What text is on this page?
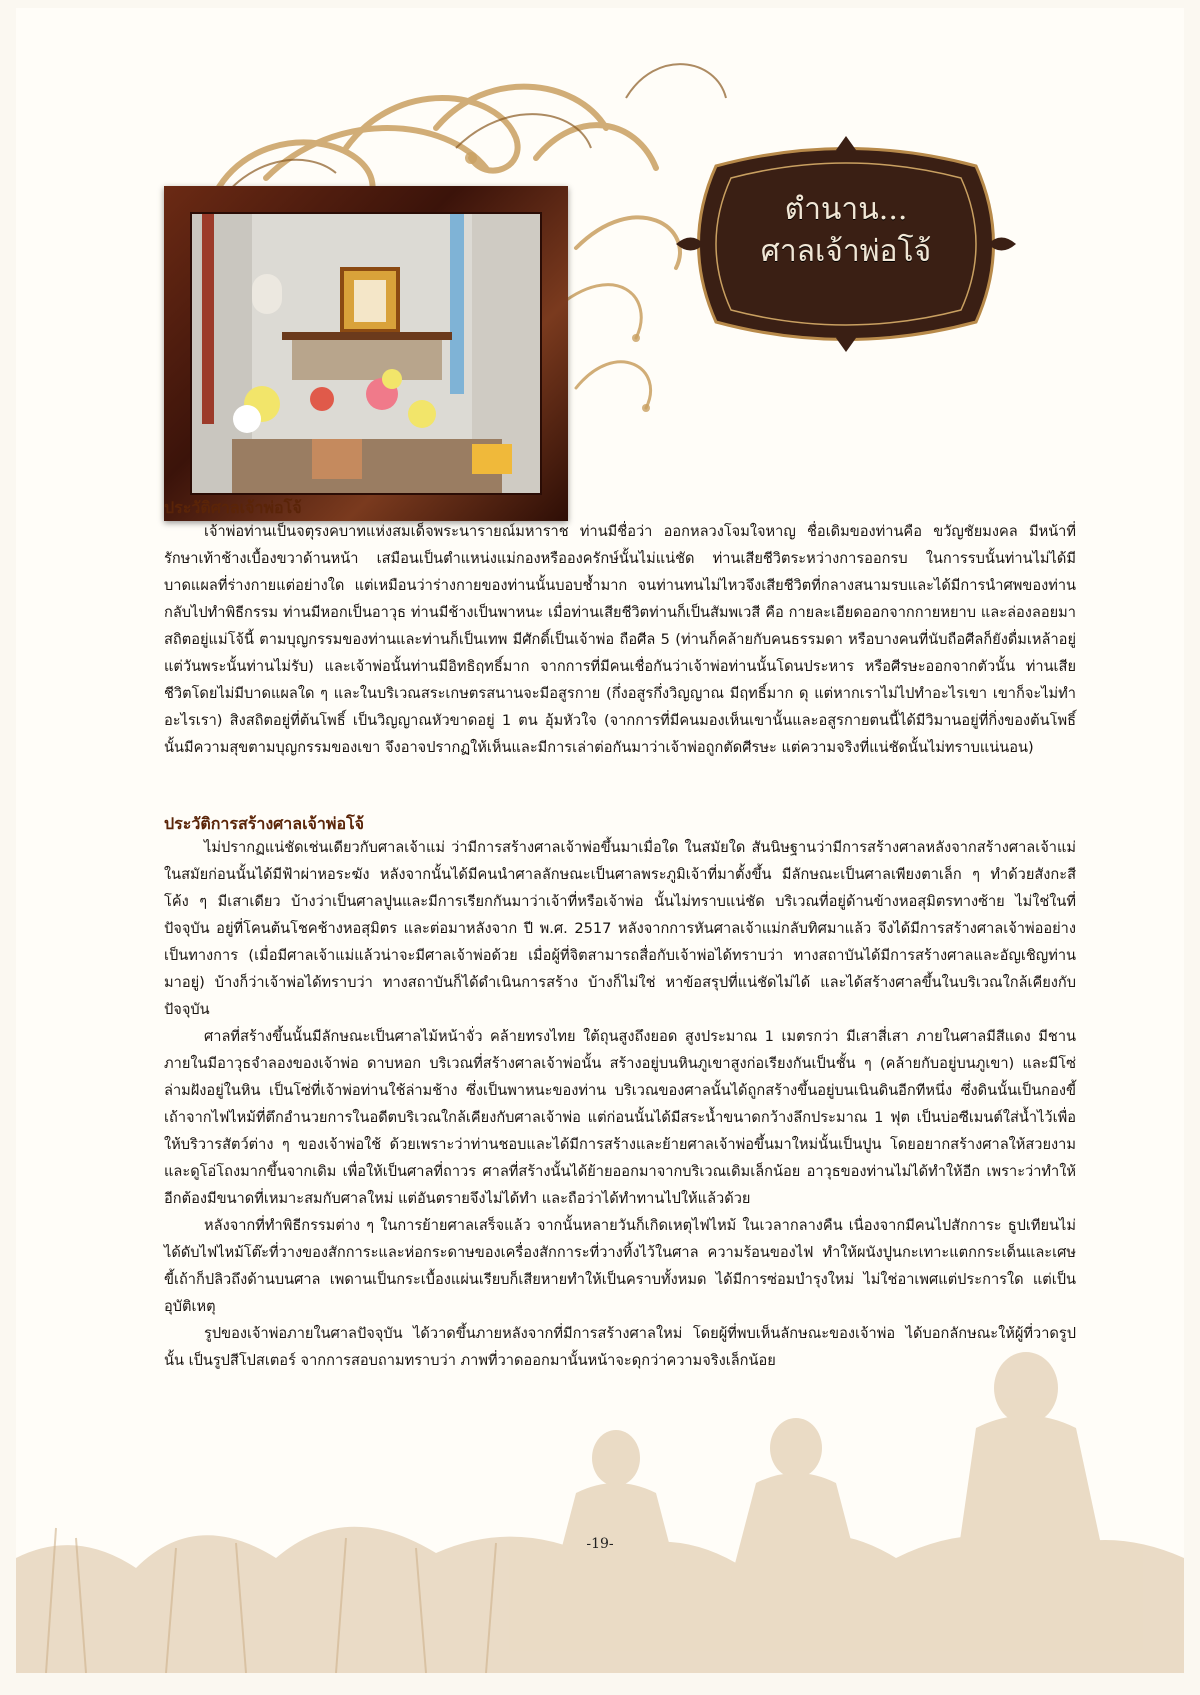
ตำนาน...
ศาลเจ้าพ่อโจ้
ประวัติศาลเจ้าพ่อโจ้

เจ้าพ่อท่านเป็นจตุรงคบาทแห่งสมเด็จพระนารายณ์มหาราช ท่านมีชื่อว่า ออกหลวงโจมใจหาญ ชื่อเดิมของท่านคือ ขวัญชัยมงคล มีหน้าที่รักษาเท้าช้างเบื้องขวาด้านหน้า เสมือนเป็นตำแหน่งแม่กองหรือองครักษ์นั้นไม่แน่ชัด ท่านเสียชีวิตระหว่างการออกรบ ในการรบนั้นท่านไม่ได้มีบาดแผลที่ร่างกายแต่อย่างใด แต่เหมือนว่าร่างกายของท่านนั้นบอบช้ำมาก จนท่านทนไม่ไหวจึงเสียชีวิตที่กลางสนามรบและได้มีการนำศพของท่านกลับไปทำพิธีกรรม ท่านมีหอกเป็นอาวุธ ท่านมีช้างเป็นพาหนะ เมื่อท่านเสียชีวิตท่านก็เป็นสัมพเวสี คือ กายละเอียดออกจากกายหยาบ และล่องลอยมาสถิตอยู่แม่โจ้นี้ ตามบุญกรรมของท่านและท่านก็เป็นเทพ มีศักดิ์เป็นเจ้าพ่อ ถือศีล 5 (ท่านก็คล้ายกับคนธรรมดา หรือบางคนที่นับถือศีลก็ยังดื่มเหล้าอยู่ แต่วันพระนั้นท่านไม่รับ) และเจ้าพ่อนั้นท่านมีอิทธิฤทธิ์มาก จากการที่มีคนเชื่อกันว่าเจ้าพ่อท่านนั้นโดนประหาร หรือศีรษะออกจากตัวนั้น ท่านเสียชีวิตโดยไม่มีบาดแผลใด ๆ และในบริเวณสระเกษตรสนานจะมีอสูรกาย (กึ่งอสูรกึ่งวิญญาณ มีฤทธิ์มาก ดุ แต่หากเราไม่ไปทำอะไรเขา เขาก็จะไม่ทำอะไรเรา) สิงสถิตอยู่ที่ต้นโพธิ์ เป็นวิญญาณหัวขาดอยู่ 1 ตน อุ้มหัวใจ (จากการที่มีคนมองเห็นเขานั้นและอสูรกายตนนี้ได้มีวิมานอยู่ที่กิ่งของต้นโพธิ์นั้นมีความสุขตามบุญกรรมของเขา จึงอาจปรากฏให้เห็นและมีการเล่าต่อกันมาว่าเจ้าพ่อถูกตัดศีรษะ แต่ความจริงที่แน่ชัดนั้นไม่ทราบแน่นอน)

ประวัติการสร้างศาลเจ้าพ่อโจ้

ไม่ปรากฏแน่ชัดเช่นเดียวกับศาลเจ้าแม่ ว่ามีการสร้างศาลเจ้าพ่อขึ้นมาเมื่อใด ในสมัยใด สันนิษฐานว่ามีการสร้างศาลหลังจากสร้างศาลเจ้าแม่ ในสมัยก่อนนั้นได้มีฟ้าผ่าหอระฆัง หลังจากนั้นได้มีคนนำศาลลักษณะเป็นศาลพระภูมิเจ้าที่มาตั้งขึ้น มีลักษณะเป็นศาลเพียงตาเล็ก ๆ ทำด้วยสังกะสีโค้ง ๆ มีเสาเดียว บ้างว่าเป็นศาลปูนและมีการเรียกกันมาว่าเจ้าที่หรือเจ้าพ่อ นั้นไม่ทราบแน่ชัด บริเวณที่อยู่ด้านข้างหอสุมิตรทางซ้าย ไม่ใช่ในที่ปัจจุบัน อยู่ที่โคนต้นโชคช้างหอสุมิตร และต่อมาหลังจาก ปี พ.ศ. 2517 หลังจากการหันศาลเจ้าแม่กลับทิศมาแล้ว จึงได้มีการสร้างศาลเจ้าพ่ออย่างเป็นทางการ (เมื่อมีศาลเจ้าแม่แล้วน่าจะมีศาลเจ้าพ่อด้วย เมื่อผู้ที่จิตสามารถสื่อกับเจ้าพ่อได้ทราบว่า ทางสถาบันได้มีการสร้างศาลและอัญเชิญท่านมาอยู่) บ้างก็ว่าเจ้าพ่อได้ทราบว่า ทางสถาบันก็ได้ดำเนินการสร้าง บ้างก็ไม่ใช่ หาข้อสรุปที่แน่ชัดไม่ได้ และได้สร้างศาลขึ้นในบริเวณใกล้เคียงกับปัจจุบัน

ศาลที่สร้างขึ้นนั้นมีลักษณะเป็นศาลไม้หน้าจั่ว คล้ายทรงไทย ใต้ถุนสูงถึงยอด สูงประมาณ 1 เมตรกว่า มีเสาสี่เสา ภายในศาลมีสีแดง มีชาน ภายในมีอาวุธจำลองของเจ้าพ่อ ดาบหอก บริเวณที่สร้างศาลเจ้าพ่อนั้น สร้างอยู่บนหินภูเขาสูงก่อเรียงกันเป็นชั้น ๆ (คล้ายกับอยู่บนภูเขา) และมีโซ่ล่ามฝังอยู่ในหิน เป็นโซ่ที่เจ้าพ่อท่านใช้ล่ามช้าง ซึ่งเป็นพาหนะของท่าน บริเวณของศาลนั้นได้ถูกสร้างขึ้นอยู่บนเนินดินอีกทีหนึ่ง ซึ่งดินนั้นเป็นกองขี้เถ้าจากไฟไหม้ที่ตึกอำนวยการในอดีตบริเวณใกล้เคียงกับศาลเจ้าพ่อ แต่ก่อนนั้นได้มีสระน้ำขนาดกว้างลึกประมาณ 1 ฟุต เป็นบ่อซีเมนต์ใส่น้ำไว้เพื่อให้บริวารสัตว์ต่าง ๆ ของเจ้าพ่อใช้ ด้วยเพราะว่าท่านชอบและได้มีการสร้างและย้ายศาลเจ้าพ่อขึ้นมาใหม่นั้นเป็นปูน โดยอยากสร้างศาลให้สวยงามและดูโอ่โถงมากขึ้นจากเดิม เพื่อให้เป็นศาลที่ถาวร ศาลที่สร้างนั้นได้ย้ายออกมาจากบริเวณเดิมเล็กน้อย อาวุธของท่านไม่ได้ทำให้อีก เพราะว่าทำให้อีกต้องมีขนาดที่เหมาะสมกับศาลใหม่ แต่อันตรายจึงไม่ได้ทำ และถือว่าได้ทำทานไปให้แล้วด้วย

หลังจากที่ทำพิธีกรรมต่าง ๆ ในการย้ายศาลเสร็จแล้ว จากนั้นหลายวันก็เกิดเหตุไฟไหม้ ในเวลากลางคืน เนื่องจากมีคนไปสักการะ ธูปเทียนไม่ได้ดับไฟไหม้โต๊ะที่วางของสักการะและห่อกระดาษของเครื่องสักการะที่วางทิ้งไว้ในศาล ความร้อนของไฟ ทำให้ผนังปูนกะเทาะแตกกระเด็นและเศษขี้เถ้าก็ปลิวถึงด้านบนศาล เพดานเป็นกระเบื้องแผ่นเรียบก็เสียหายทำให้เป็นคราบทั้งหมด ได้มีการซ่อมบำรุงใหม่ ไม่ใช่อาเพศแต่ประการใด แต่เป็นอุบัติเหตุ

รูปของเจ้าพ่อภายในศาลปัจจุบัน ได้วาดขึ้นภายหลังจากที่มีการสร้างศาลใหม่ โดยผู้ที่พบเห็นลักษณะของเจ้าพ่อ ได้บอกลักษณะให้ผู้ที่วาดรูปนั้น เป็นรูปสีโปสเตอร์ จากการสอบถามทราบว่า ภาพที่วาดออกมานั้นหน้าจะดุกว่าความจริงเล็กน้อย

-19-
